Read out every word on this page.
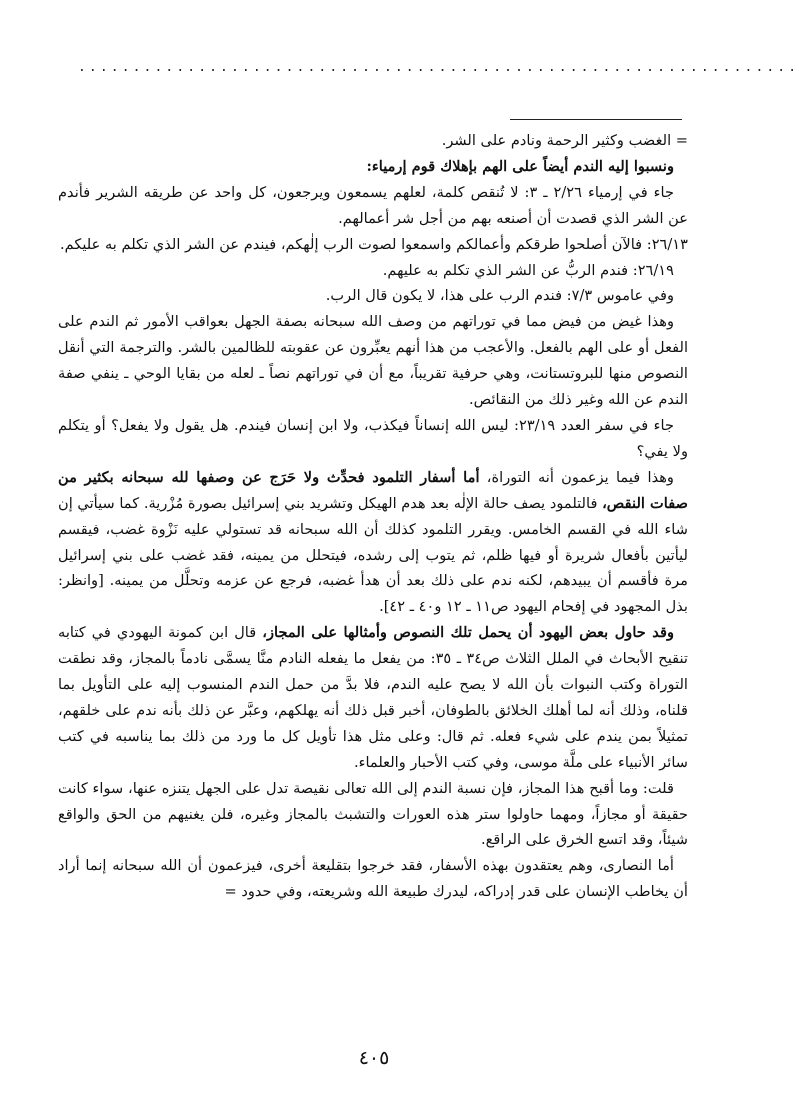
..................................................................

= الغضب وكثير الرحمة ونادم على الشر.

ونسبوا إليه الندم أيضاً على الهم بإهلاك قوم إرمياء:

جاء في إرمياء ٢/٢٦ ـ ٣: لا تُنقص كلمة، لعلهم يسمعون ويرجعون، كل واحد عن طريقه الشرير فأندم عن الشر الذي قصدت أن أصنعه بهم من أجل شر أعمالهم.

٢٦/١٣: فالآن أصلحوا طرقكم وأعمالكم واسمعوا لصوت الرب إلٰهكم، فيندم عن الشر الذي تكلم به عليكم.

٢٦/١٩: فندم الربُّ عن الشر الذي تكلم به عليهم.

وفي عاموس ٧/٣: فندم الرب على هذا، لا يكون قال الرب.

وهذا غيض من فيض مما في توراتهم من وصف الله سبحانه بصفة الجهل بعواقب الأمور ثم الندم على الفعل أو على الهم بالفعل. والأعجب من هذا أنهم يعبِّرون عن عقوبته للظالمين بالشر. والترجمة التي أنقل النصوص منها للبروتستانت، وهي حرفية تقريباً، مع أن في توراتهم نصاً ـ لعله من بقايا الوحي ـ ينفي صفة الندم عن الله وغير ذلك من النقائص.

جاء في سفر العدد ٢٣/١٩: ليس الله إنساناً فيكذب، ولا ابن إنسان فيندم. هل يقول ولا يفعل؟ أو يتكلم ولا يفي؟

وهذا فيما يزعمون أنه التوراة، أما أسفار التلمود فحدِّث ولا حَرَج عن وصفها لله سبحانه بكثير من صفات النقص، فالتلمود يصف حالة الإلٰه بعد هدم الهيكل وتشريد بني إسرائيل بصورة مُزْرية. كما سيأتي إن شاء الله في القسم الخامس. ويقرر التلمود كذلك أن الله سبحانه قد تستولي عليه نَزْوة غضب، فيقسم ليأتين بأفعال شريرة أو فيها ظلم، ثم يتوب إلى رشده، فيتحلل من يمينه، فقد غضب على بني إسرائيل مرة فأقسم أن يبيدهم، لكنه ندم على ذلك بعد أن هدأ غضبه، فرجع عن عزمه وتحلَّل من يمينه. [وانظر: بذل المجهود في إفحام اليهود ص١١ ـ ١٢ و٤٠ ـ ٤٢].

وقد حاول بعض اليهود أن يحمل تلك النصوص وأمثالها على المجاز، قال ابن كمونة اليهودي في كتابه تنقيح الأبحاث في الملل الثلاث ص٣٤ ـ ٣٥: من يفعل ما يفعله النادم منَّا يسمَّى نادماً بالمجاز، وقد نطقت التوراة وكتب النبوات بأن الله لا يصح عليه الندم، فلا بدَّ من حمل الندم المنسوب إليه على التأويل بما قلناه، وذلك أنه لما أهلك الخلائق بالطوفان، أخبر قبل ذلك أنه يهلكهم، وعبَّر عن ذلك بأنه ندم على خلقهم، تمثيلاً بمن يندم على شيء فعله. ثم قال: وعلى مثل هذا تأويل كل ما ورد من ذلك بما يناسبه في كتب سائر الأنبياء على ملَّة موسى، وفي كتب الأحبار والعلماء.

قلت: وما أقبح هذا المجاز، فإن نسبة الندم إلى الله تعالى نقيصة تدل على الجهل يتنزه عنها، سواء كانت حقيقة أو مجازاً، ومهما حاولوا ستر هذه العورات والتشبث بالمجاز وغيره، فلن يغنيهم من الحق والواقع شيئاً، وقد اتسع الخرق على الراقع.

أما النصارى، وهم يعتقدون بهذه الأسفار، فقد خرجوا بتقليعة أخرى، فيزعمون أن الله سبحانه إنما أراد أن يخاطب الإنسان على قدر إدراكه، ليدرك طبيعة الله وشريعته، وفي حدود =

٤٠٥
